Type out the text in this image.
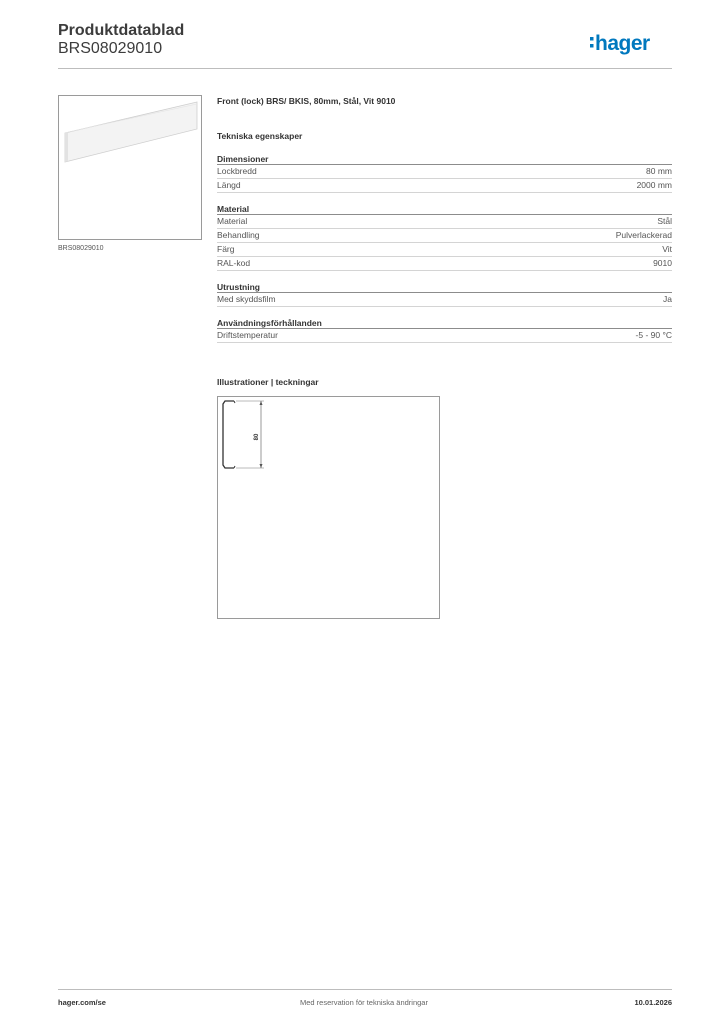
Produktdatablad
BRS08029010	hager
BRS08029010
Front (lock) BRS/ BKIS, 80mm, Stål, Vit 9010
Tekniska egenskaper
Dimensioner
Lockbredd	80 mm
Längd	2000 mm
Material
Material	Stål
Behandling	Pulverlackerad
Färg	Vit
RAL-kod	9010
Utrustning
Med skyddsfilm	Ja
Användningsförhållanden
Driftstemperatur	-5 - 90 °C
Illustrationer | teckningar
80
hager.com/se	Med reservation för tekniska ändringar	10.01.2026
